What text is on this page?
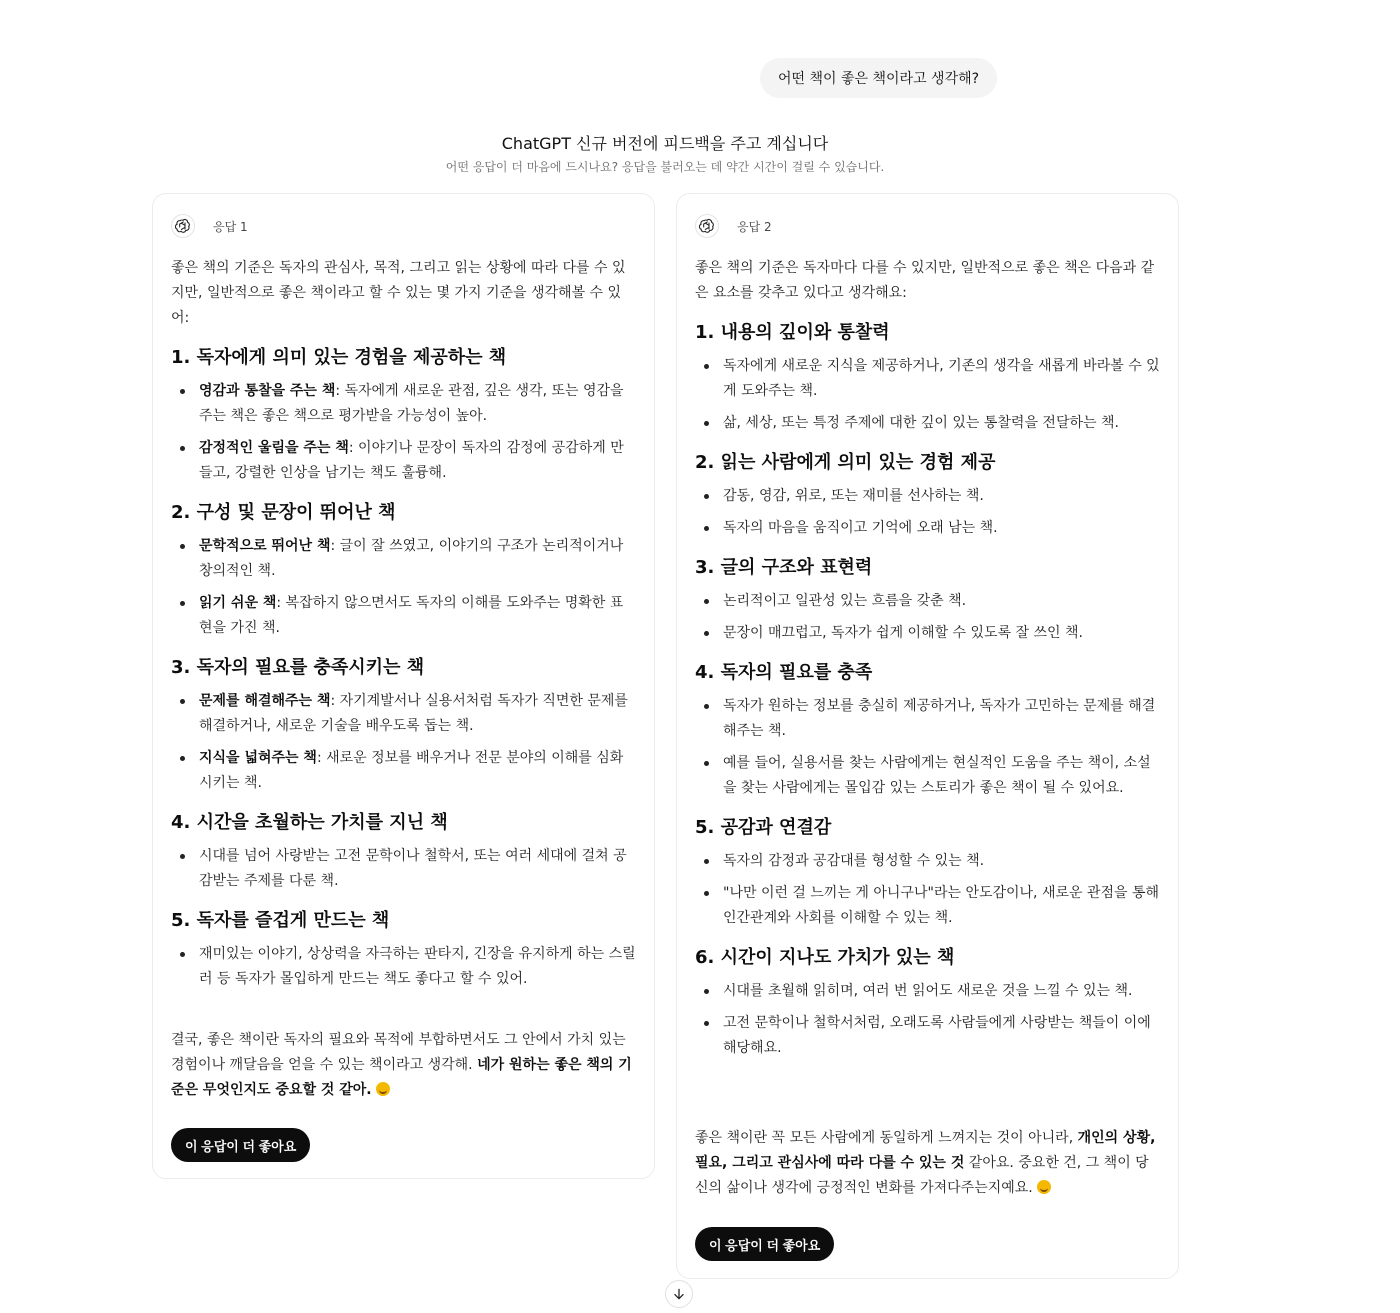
어떤 책이 좋은 책이라고 생각해?
ChatGPT 신규 버전에 피드백을 주고 계십니다
어떤 응답이 더 마음에 드시나요? 응답을 불러오는 데 약간 시간이 걸릴 수 있습니다.
응답 1

좋은 책의 기준은 독자의 관심사, 목적, 그리고 읽는 상황에 따라 다를 수 있지만, 일반적으로 좋은 책이라고 할 수 있는 몇 가지 기준을 생각해볼 수 있어:

1. 독자에게 의미 있는 경험을 제공하는 책
영감과 통찰을 주는 책: 독자에게 새로운 관점, 깊은 생각, 또는 영감을 주는 책은 좋은 책으로 평가받을 가능성이 높아.
감정적인 울림을 주는 책: 이야기나 문장이 독자의 감정에 공감하게 만들고, 강렬한 인상을 남기는 책도 훌륭해.
2. 구성 및 문장이 뛰어난 책
문학적으로 뛰어난 책: 글이 잘 쓰였고, 이야기의 구조가 논리적이거나 창의적인 책.
읽기 쉬운 책: 복잡하지 않으면서도 독자의 이해를 도와주는 명확한 표현을 가진 책.
3. 독자의 필요를 충족시키는 책
문제를 해결해주는 책: 자기계발서나 실용서처럼 독자가 직면한 문제를 해결하거나, 새로운 기술을 배우도록 돕는 책.
지식을 넓혀주는 책: 새로운 정보를 배우거나 전문 분야의 이해를 심화시키는 책.
4. 시간을 초월하는 가치를 지닌 책
시대를 넘어 사랑받는 고전 문학이나 철학서, 또는 여러 세대에 걸쳐 공감받는 주제를 다룬 책.
5. 독자를 즐겁게 만드는 책
재미있는 이야기, 상상력을 자극하는 판타지, 긴장을 유지하게 하는 스릴러 등 독자가 몰입하게 만드는 책도 좋다고 할 수 있어.

결국, 좋은 책이란 독자의 필요와 목적에 부합하면서도 그 안에서 가치 있는 경험이나 깨달음을 얻을 수 있는 책이라고 생각해. 네가 원하는 좋은 책의 기준은 무엇인지도 중요할 것 같아.

이 응답이 더 좋아요
응답 2

좋은 책의 기준은 독자마다 다를 수 있지만, 일반적으로 좋은 책은 다음과 같은 요소를 갖추고 있다고 생각해요:

1. 내용의 깊이와 통찰력
독자에게 새로운 지식을 제공하거나, 기존의 생각을 새롭게 바라볼 수 있게 도와주는 책.
삶, 세상, 또는 특정 주제에 대한 깊이 있는 통찰력을 전달하는 책.
2. 읽는 사람에게 의미 있는 경험 제공
감동, 영감, 위로, 또는 재미를 선사하는 책.
독자의 마음을 움직이고 기억에 오래 남는 책.
3. 글의 구조와 표현력
논리적이고 일관성 있는 흐름을 갖춘 책.
문장이 매끄럽고, 독자가 쉽게 이해할 수 있도록 잘 쓰인 책.
4. 독자의 필요를 충족
독자가 원하는 정보를 충실히 제공하거나, 독자가 고민하는 문제를 해결해주는 책.
예를 들어, 실용서를 찾는 사람에게는 현실적인 도움을 주는 책이, 소설을 찾는 사람에게는 몰입감 있는 스토리가 좋은 책이 될 수 있어요.
5. 공감과 연결감
독자의 감정과 공감대를 형성할 수 있는 책.
"나만 이런 걸 느끼는 게 아니구나"라는 안도감이나, 새로운 관점을 통해 인간관계와 사회를 이해할 수 있는 책.
6. 시간이 지나도 가치가 있는 책
시대를 초월해 읽히며, 여러 번 읽어도 새로운 것을 느낄 수 있는 책.
고전 문학이나 철학서처럼, 오래도록 사람들에게 사랑받는 책들이 이에 해당해요.

좋은 책이란 꼭 모든 사람에게 동일하게 느껴지는 것이 아니라, 개인의 상황, 필요, 그리고 관심사에 따라 다를 수 있는 것 같아요. 중요한 건, 그 책이 당신의 삶이나 생각에 긍정적인 변화를 가져다주는지예요.

이 응답이 더 좋아요
